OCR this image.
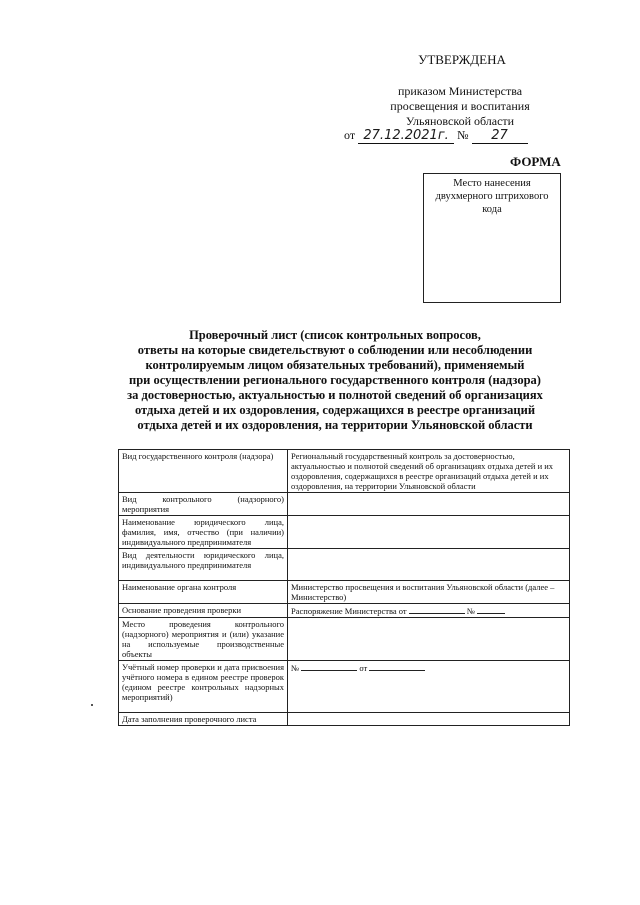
УТВЕРЖДЕНА
приказом Министерства
просвещения и воспитания
Ульяновской области
от 27.12.2021г. № 27
ФОРМА
Место нанесения
двухмерного штрихового
кода
Проверочный лист (список контрольных вопросов,
ответы на которые свидетельствуют о соблюдении или несоблюдении
контролируемым лицом обязательных требований), применяемый
при осуществлении регионального государственного контроля (надзора)
за достоверностью, актуальностью и полнотой сведений об организациях
отдыха детей и их оздоровления, содержащихся в реестре организаций
отдыха детей и их оздоровления, на территории Ульяновской области
Вид государственного контроля (надзора)	Региональный государственный контроль за достоверностью, актуальностью и полнотой сведений об организациях отдыха детей и их оздоровления, содержащихся в реестре организаций отдыха детей и их оздоровления, на территории Ульяновской области
Вид контрольного (надзорного) мероприятия	
Наименование юридического лица, фамилия, имя, отчество (при наличии) индивидуального предпринимателя	
Вид деятельности юридического лица, индивидуального предпринимателя	
Наименование органа контроля	Министерство просвещения и воспитания Ульяновской области (далее – Министерство)
Основание проведения проверки	Распоряжение Министерства от №
Место проведения контрольного (надзорного) мероприятия и (или) указание на используемые производственные объекты	
Учётный номер проверки и дата присвоения учётного номера в едином реестре проверок (едином реестре контрольных надзорных мероприятий)	№ от
Дата заполнения проверочного листа	
